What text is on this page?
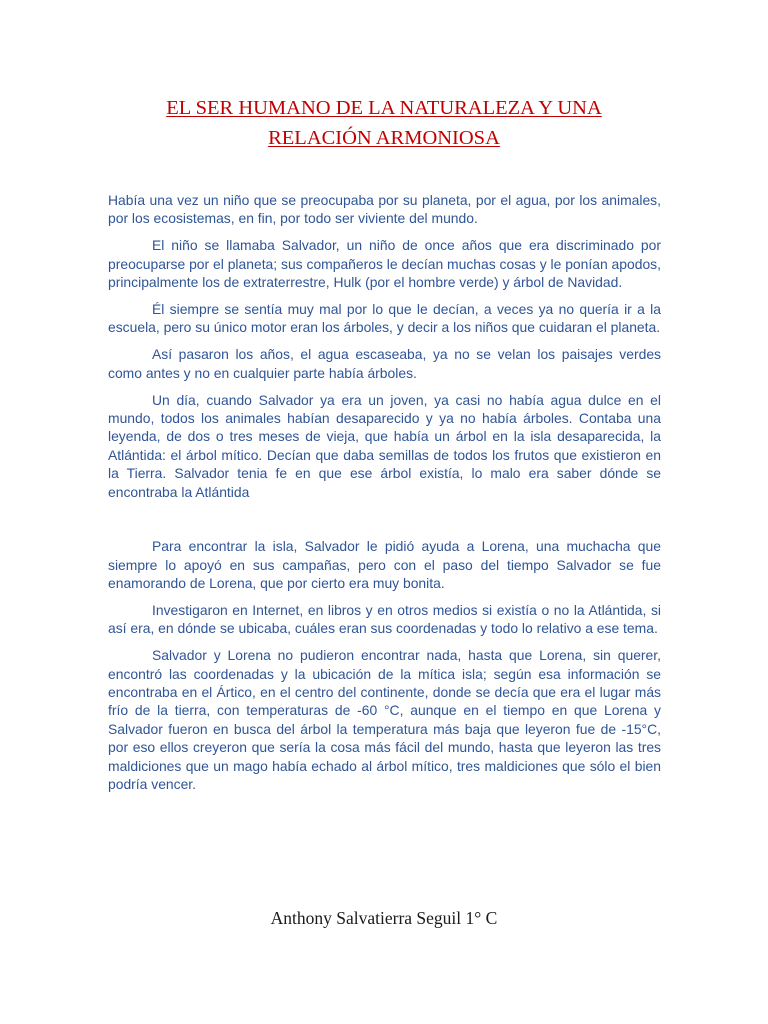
EL SER HUMANO DE LA NATURALEZA Y UNA
RELACIÓN ARMONIOSA

Había una vez un niño que se preocupaba por su planeta, por el agua, por los animales, por los ecosistemas, en fin, por todo ser viviente del mundo.

El niño se llamaba Salvador, un niño de once años que era discriminado por preocuparse por el planeta; sus compañeros le decían muchas cosas y le ponían apodos, principalmente los de extraterrestre, Hulk (por el hombre verde) y árbol de Navidad.

Él siempre se sentía muy mal por lo que le decían, a veces ya no quería ir a la escuela, pero su único motor eran los árboles, y decir a los niños que cuidaran el planeta.

Así pasaron los años, el agua escaseaba, ya no se velan los paisajes verdes como antes y no en cualquier parte había árboles.

Un día, cuando Salvador ya era un joven, ya casi no había agua dulce en el mundo, todos los animales habían desaparecido y ya no había árboles. Contaba una leyenda, de dos o tres meses de vieja, que había un árbol en la isla desaparecida, la Atlántida: el árbol mítico. Decían que daba semillas de todos los frutos que existieron en la Tierra. Salvador tenia fe en que ese árbol existía, lo malo era saber dónde se encontraba la Atlántida

Para encontrar la isla, Salvador le pidió ayuda a Lorena, una muchacha que siempre lo apoyó en sus campañas, pero con el paso del tiempo Salvador se fue enamorando de Lorena, que por cierto era muy bonita.

Investigaron en Internet, en libros y en otros medios si existía o no la Atlántida, si así era, en dónde se ubicaba, cuáles eran sus coordenadas y todo lo relativo a ese tema.

Salvador y Lorena no pudieron encontrar nada, hasta que Lorena, sin querer, encontró las coordenadas y la ubicación de la mítica isla; según esa información se encontraba en el Ártico, en el centro del continente, donde se decía que era el lugar más frío de la tierra, con temperaturas de -60 °C, aunque en el tiempo en que Lorena y Salvador fueron en busca del árbol la temperatura más baja que leyeron fue de -15°C, por eso ellos creyeron que sería la cosa más fácil del mundo, hasta que leyeron las tres maldiciones que un mago había echado al árbol mítico, tres maldiciones que sólo el bien podría vencer.

Anthony Salvatierra Seguil 1° C
